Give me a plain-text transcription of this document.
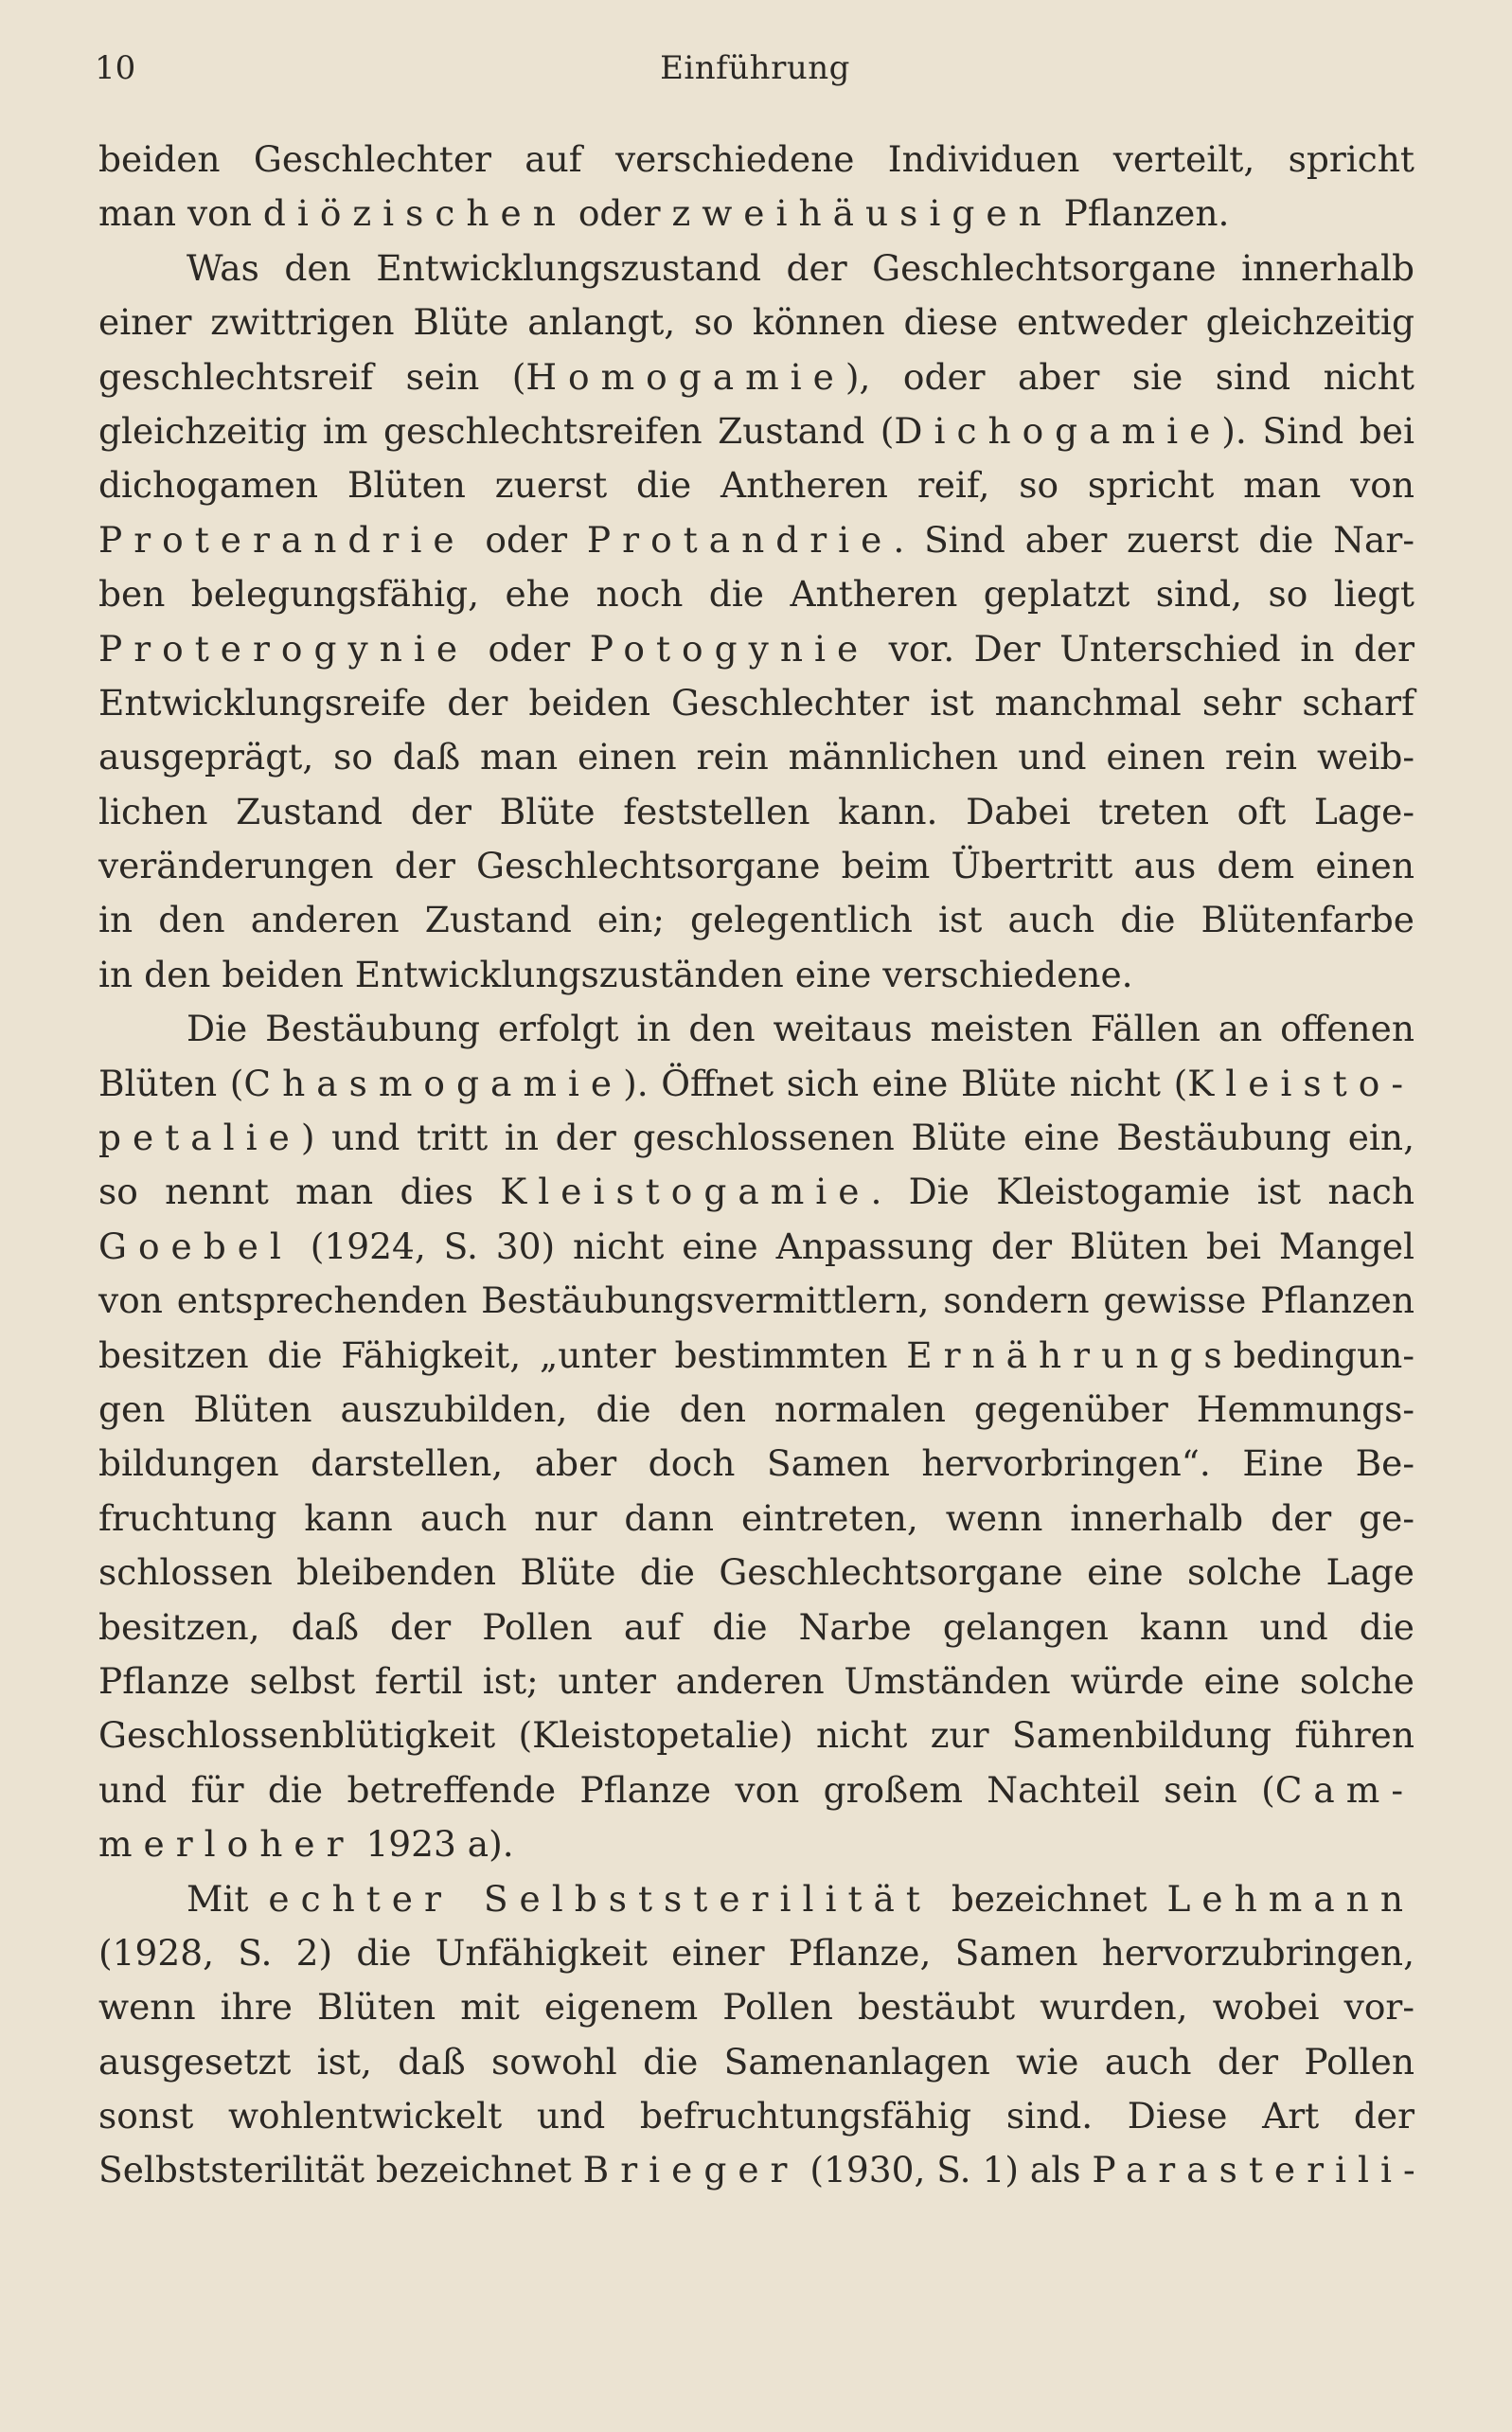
10	Einführung
beiden Geschlechter auf verschiedene Individuen verteilt, spricht
man von diözischen oder zweihäusigen Pflanzen.
Was den Entwicklungszustand der Geschlechtsorgane innerhalb
einer zwittrigen Blüte anlangt, so können diese entweder gleichzeitig
geschlechtsreif sein (Homogamie), oder aber sie sind nicht
gleichzeitig im geschlechtsreifen Zustand (Dichogamie). Sind bei
dichogamen Blüten zuerst die Antheren reif, so spricht man von
Proterandrie oder Protandrie. Sind aber zuerst die Nar-
ben belegungsfähig, ehe noch die Antheren geplatzt sind, so liegt
Proterogynie oder Potogynie vor. Der Unterschied in der
Entwicklungsreife der beiden Geschlechter ist manchmal sehr scharf
ausgeprägt, so daß man einen rein männlichen und einen rein weib-
lichen Zustand der Blüte feststellen kann. Dabei treten oft Lage-
veränderungen der Geschlechtsorgane beim Übertritt aus dem einen
in den anderen Zustand ein; gelegentlich ist auch die Blütenfarbe
in den beiden Entwicklungszuständen eine verschiedene.
Die Bestäubung erfolgt in den weitaus meisten Fällen an offenen
Blüten (Chasmogamie). Öffnet sich eine Blüte nicht (Kleisto-
petalie) und tritt in der geschlossenen Blüte eine Bestäubung ein,
so nennt man dies Kleistogamie. Die Kleistogamie ist nach
Goebel (1924, S. 30) nicht eine Anpassung der Blüten bei Mangel
von entsprechenden Bestäubungsvermittlern, sondern gewisse Pflanzen
besitzen die Fähigkeit, „unter bestimmten Ernährungsbedingun-
gen Blüten auszubilden, die den normalen gegenüber Hemmungs-
bildungen darstellen, aber doch Samen hervorbringen“. Eine Be-
fruchtung kann auch nur dann eintreten, wenn innerhalb der ge-
schlossen bleibenden Blüte die Geschlechtsorgane eine solche Lage
besitzen, daß der Pollen auf die Narbe gelangen kann und die
Pflanze selbst fertil ist; unter anderen Umständen würde eine solche
Geschlossenblütigkeit (Kleistopetalie) nicht zur Samenbildung führen
und für die betreffende Pflanze von großem Nachteil sein (Cam-
merloher 1923 a).
Mit echter Selbststerilität bezeichnet Lehmann
(1928, S. 2) die Unfähigkeit einer Pflanze, Samen hervorzubringen,
wenn ihre Blüten mit eigenem Pollen bestäubt wurden, wobei vor-
ausgesetzt ist, daß sowohl die Samenanlagen wie auch der Pollen
sonst wohlentwickelt und befruchtungsfähig sind. Diese Art der
Selbststerilität bezeichnet Brieger (1930, S. 1) als Parasterili-
